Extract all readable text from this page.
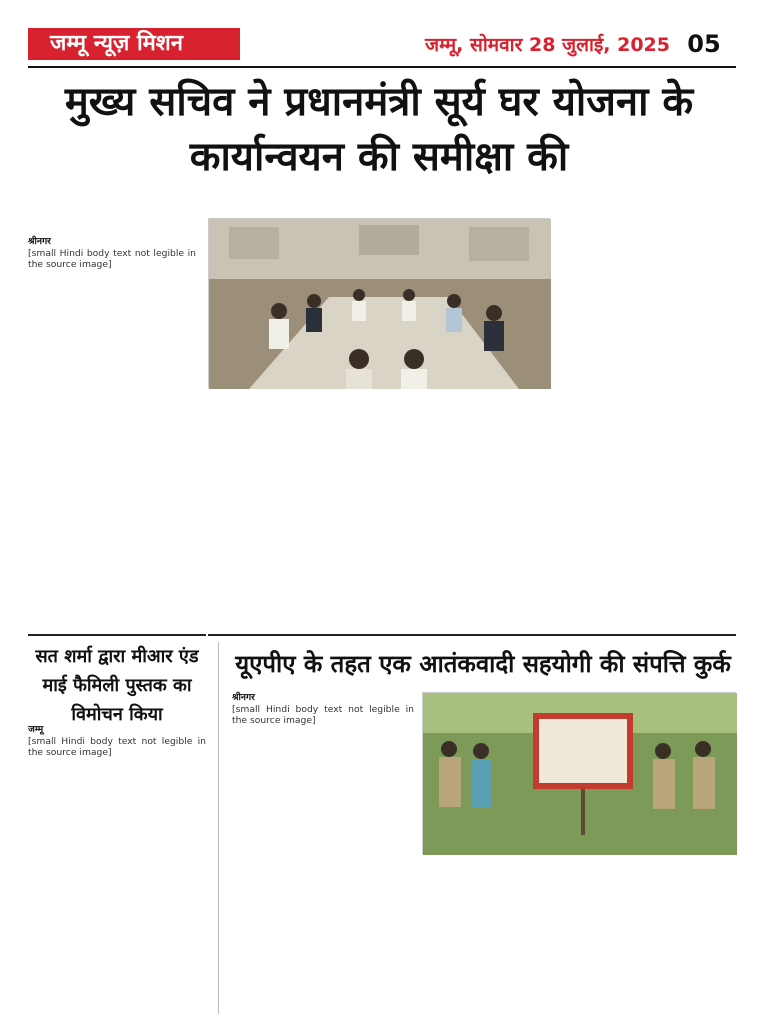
जम्मू न्यूज़ मिशन	जम्मू, सोमवार 28 जुलाई, 2025 05
मुख्य सचिव ने प्रधानमंत्री सूर्य घर योजना के कार्यान्वयन की समीक्षा की
श्रीनगर
[small Hindi body text not legible in the source image]
सत शर्मा द्वारा मीआर एंड माई फैमिली पुस्तक का विमोचन किया
जम्मू
[small Hindi body text not legible in the source image]
यूएपीए के तहत एक आतंकवादी सहयोगी की संपत्ति कुर्क
श्रीनगर
[small Hindi body text not legible in the source image]
